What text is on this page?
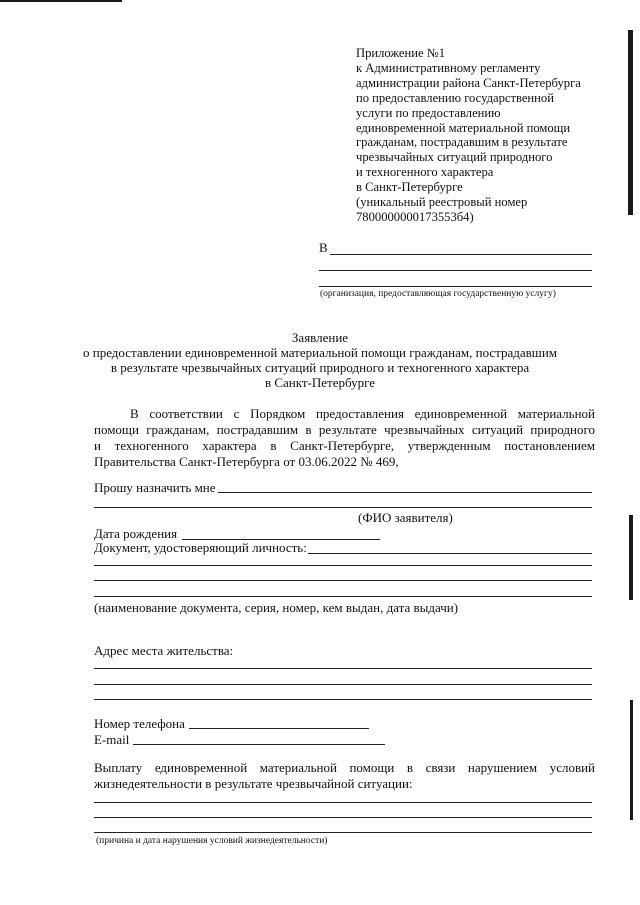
Приложение №1
к Административному регламенту
администрации района Санкт-Петербурга
по предоставлению государственной
услуги по предоставлению
единовременной материальной помощи
гражданам, пострадавшим в результате
чрезвычайных ситуаций природного
и техногенного характера
в Санкт-Петербурге
(уникальный реестровый номер
7800000000173553б4)
В
(организация, предоставляющая государственную услугу)
Заявление
о предоставлении единовременной материальной помощи гражданам, пострадавшим
в результате чрезвычайных ситуаций природного и техногенного характера
в Санкт-Петербурге
В соответствии с Порядком предоставления единовременной материальной
помощи гражданам, пострадавшим в результате чрезвычайных ситуаций природного
и техногенного характера в Санкт-Петербурге, утвержденным постановлением
Правительства Санкт-Петербурга от 03.06.2022 № 469,
Прошу назначить мне
(ФИО заявителя)
Дата рождения
Документ, удостоверяющий личность:
(наименование документа, серия, номер, кем выдан, дата выдачи)
Адрес места жительства:
Номер телефона
E-mail
Выплату единовременной материальной помощи в связи нарушением условий
жизнедеятельности в результате чрезвычайной ситуации:
(причина и дата нарушения условий жизнедеятельности)
